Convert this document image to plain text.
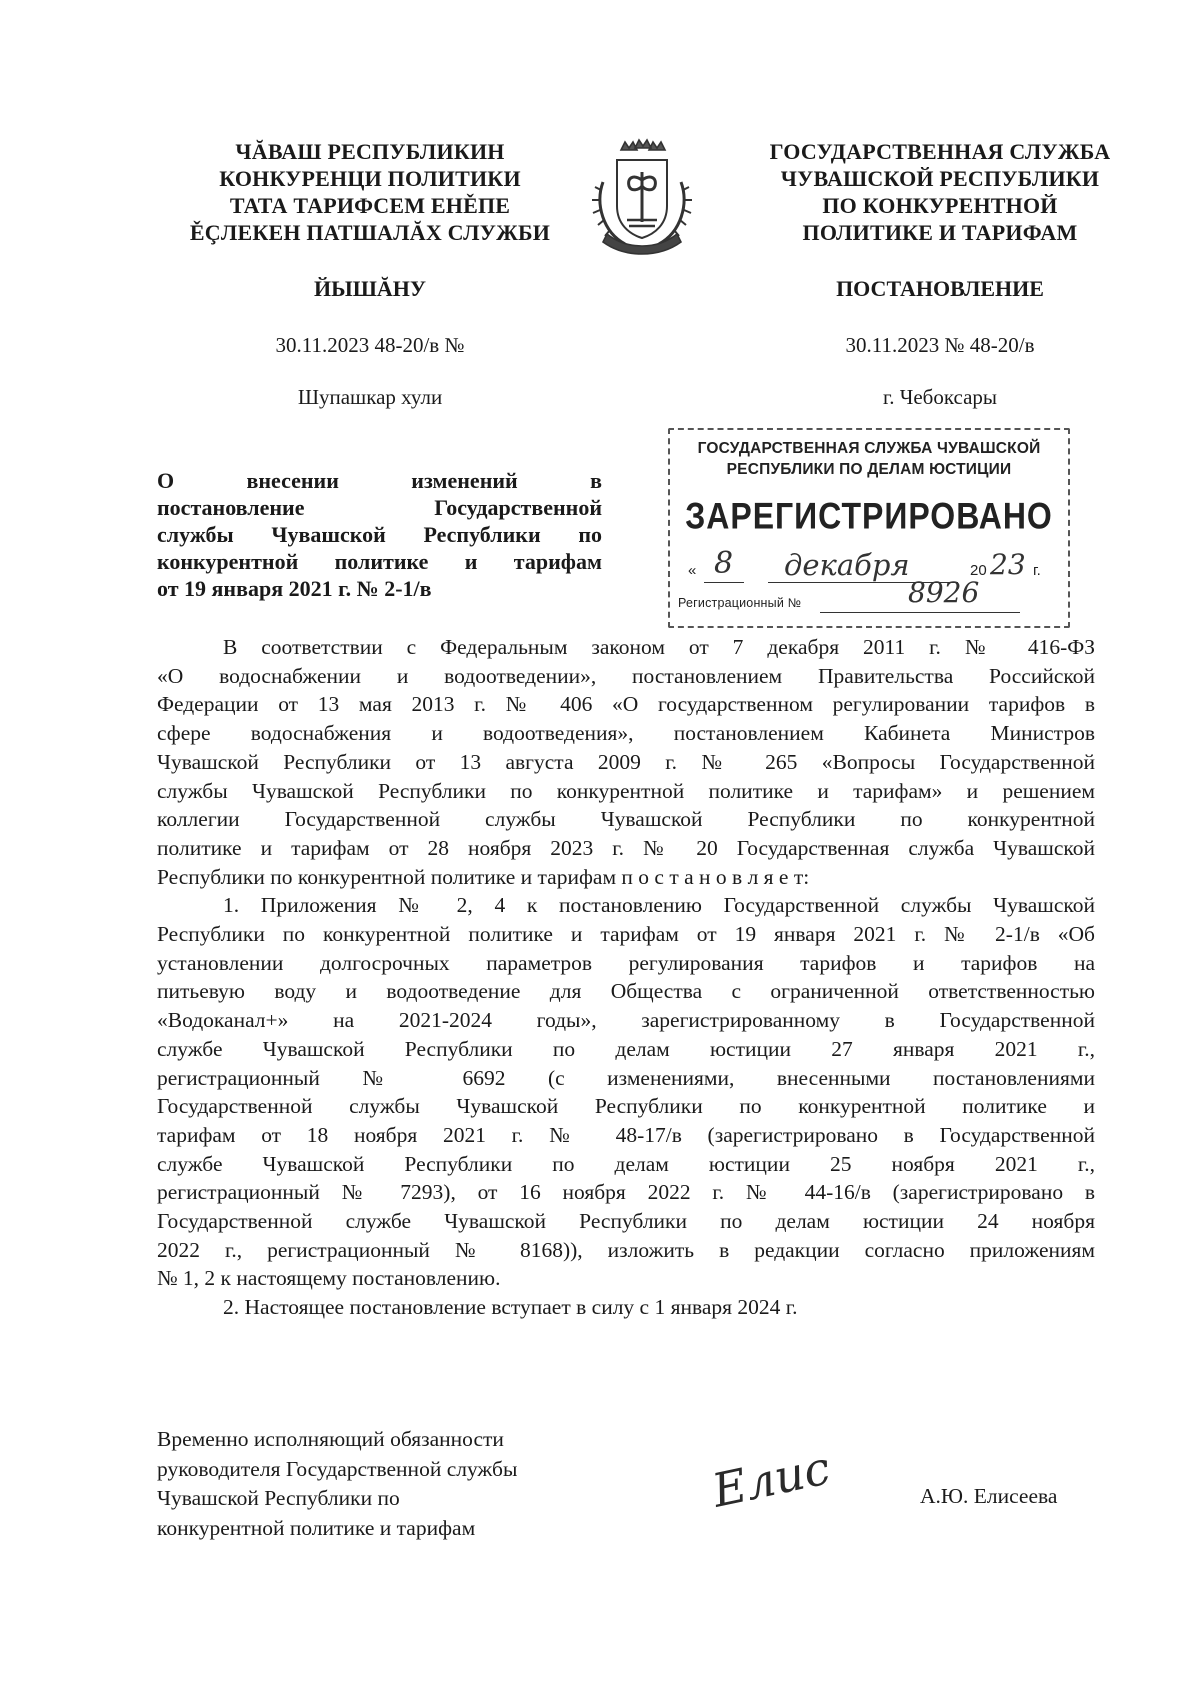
ЧĂВАШ РЕСПУБЛИКИН
КОНКУРЕНЦИ ПОЛИТИКИ
ТАТА ТАРИФСЕМ ЕНĚПЕ
ĚÇЛЕКЕН ПАТШАЛĂХ СЛУЖБИ
ГОСУДАРСТВЕННАЯ СЛУЖБА
ЧУВАШСКОЙ РЕСПУБЛИКИ
ПО КОНКУРЕНТНОЙ
ПОЛИТИКЕ И ТАРИФАМ
ЙЫШĂНУ	ПОСТАНОВЛЕНИЕ
30.11.2023 48-20/в №	30.11.2023 № 48-20/в
Шупашкар хули	г. Чебоксары
ГОСУДАРСТВЕННАЯ СЛУЖБА ЧУВАШСКОЙ
РЕСПУБЛИКИ ПО ДЕЛАМ ЮСТИЦИИ
ЗАРЕГИСТРИРОВАНО
« 8 декабря	20 23 г.
Регистрационный №	8926
О внесении изменений в
постановление Государственной
службы Чувашской Республики по
конкурентной политике и тарифам
от 19 января 2021 г. № 2-1/в
В соответствии с Федеральным законом от 7 декабря 2011 г. № 416-ФЗ
«О водоснабжении и водоотведении», постановлением Правительства Российской
Федерации от 13 мая 2013 г. № 406 «О государственном регулировании тарифов в
сфере водоснабжения и водоотведения», постановлением Кабинета Министров
Чувашской Республики от 13 августа 2009 г. № 265 «Вопросы Государственной
службы Чувашской Республики по конкурентной политике и тарифам» и решением
коллегии Государственной службы Чувашской Республики по конкурентной
политике и тарифам от 28 ноября 2023 г. № 20 Государственная служба Чувашской
Республики по конкурентной политике и тарифам п о с т а н о в л я е т:
1. Приложения № 2, 4 к постановлению Государственной службы Чувашской
Республики по конкурентной политике и тарифам от 19 января 2021 г. № 2-1/в «Об
установлении долгосрочных параметров регулирования тарифов и тарифов на
питьевую воду и водоотведение для Общества с ограниченной ответственностью
«Водоканал+» на 2021-2024 годы», зарегистрированному в Государственной
службе Чувашской Республики по делам юстиции 27 января 2021 г.,
регистрационный № 6692 (с изменениями, внесенными постановлениями
Государственной службы Чувашской Республики по конкурентной политике и
тарифам от 18 ноября 2021 г. № 48-17/в (зарегистрировано в Государственной
службе Чувашской Республики по делам юстиции 25 ноября 2021 г.,
регистрационный № 7293), от 16 ноября 2022 г. № 44-16/в (зарегистрировано в
Государственной службе Чувашской Республики по делам юстиции 24 ноября
2022 г., регистрационный № 8168)), изложить в редакции согласно приложениям
№ 1, 2 к настоящему постановлению.
2. Настоящее постановление вступает в силу с 1 января 2024 г.
Временно исполняющий обязанности
руководителя Государственной службы
Чувашской Республики по
конкурентной политике и тарифам
Елис	А.Ю. Елисеева
